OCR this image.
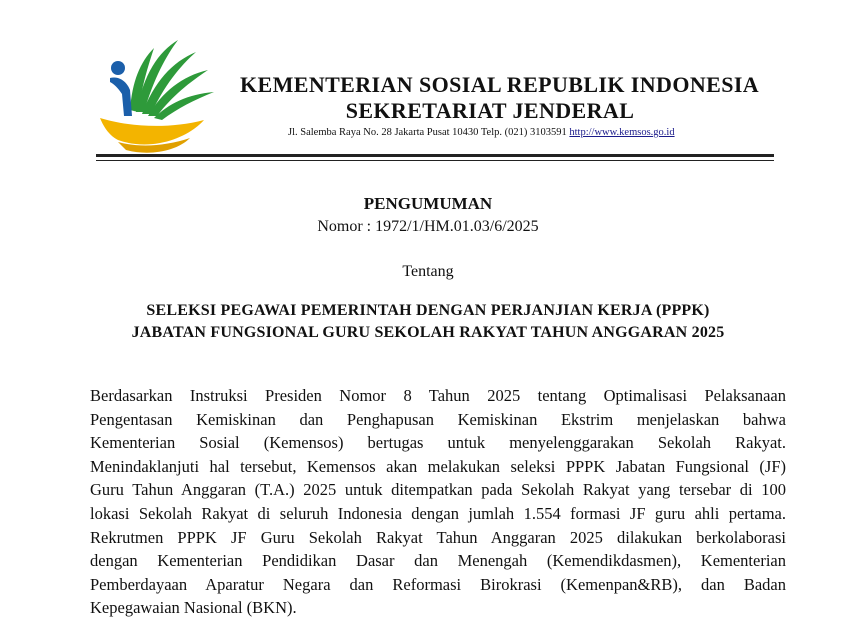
KEMENTERIAN SOSIAL REPUBLIK INDONESIA
SEKRETARIAT JENDERAL
Jl. Salemba Raya No. 28 Jakarta Pusat 10430 Telp. (021) 3103591 http://www.kemsos.go.id
PENGUMUMAN
Nomor : 1972/1/HM.01.03/6/2025
Tentang
SELEKSI PEGAWAI PEMERINTAH DENGAN PERJANJIAN KERJA (PPPK)
JABATAN FUNGSIONAL GURU SEKOLAH RAKYAT TAHUN ANGGARAN 2025
Berdasarkan Instruksi Presiden Nomor 8 Tahun 2025 tentang Optimalisasi Pelaksanaan
Pengentasan Kemiskinan dan Penghapusan Kemiskinan Ekstrim menjelaskan bahwa
Kementerian Sosial (Kemensos) bertugas untuk menyelenggarakan Sekolah Rakyat.
Menindaklanjuti hal tersebut, Kemensos akan melakukan seleksi PPPK Jabatan Fungsional (JF)
Guru Tahun Anggaran (T.A.) 2025 untuk ditempatkan pada Sekolah Rakyat yang tersebar di 100
lokasi Sekolah Rakyat di seluruh Indonesia dengan jumlah 1.554 formasi JF guru ahli pertama.
Rekrutmen PPPK JF Guru Sekolah Rakyat Tahun Anggaran 2025 dilakukan berkolaborasi
dengan Kementerian Pendidikan Dasar dan Menengah (Kemendikdasmen), Kementerian
Pemberdayaan Aparatur Negara dan Reformasi Birokrasi (Kemenpan&RB), dan Badan
Kepegawaian Nasional (BKN).
